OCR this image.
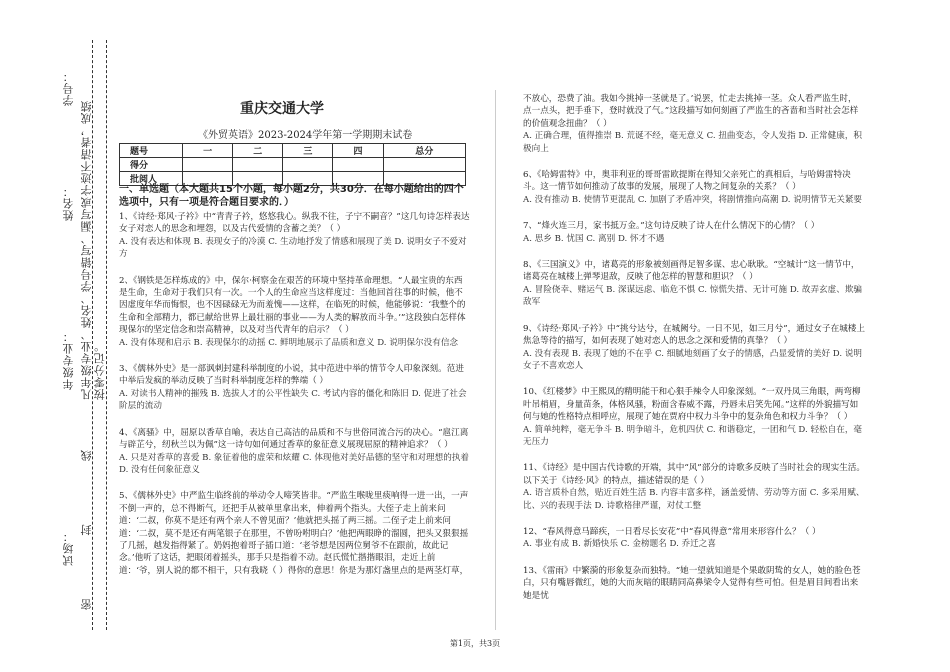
学号：
姓名：
年级专业：
试场：
凡年级专业、姓名、学号错写、漏写或字迹不清者，成绩按零分记。
密 封 线
重庆交通大学
《外贸英语》2023-2024学年第一学期期末试卷
题号	一	二	三	四	总分
得分					
批阅人					
一、单选题（本大题共15个小题，每小题2分，共30分．在每小题给出的四个选项中，只有一项是符合题目要求的．）

1、《诗经·郑风·子衿》中“青青子衿，悠悠我心。纵我不往，子宁不嗣音？”这几句诗怎样表达女子对恋人的思念和埋怨，以及古代爱情的含蓄之美？（ ）
A. 没有表达和体现 B. 表现女子的冷漠 C. 生动地抒发了情感和展现了美 D. 说明女子不爱对方

2、《钢铁是怎样炼成的》中，保尔·柯察金在艰苦的环境中坚持革命理想。“人最宝贵的东西是生命，生命对于我们只有一次。一个人的生命应当这样度过：当他回首往事的时候，他不因虚度年华而悔恨，也不因碌碌无为而羞愧——这样，在临死的时候，他能够说：‘我整个的生命和全部精力，都已献给世界上最壮丽的事业——为人类的解放而斗争。’”这段独白怎样体现保尔的坚定信念和崇高精神，以及对当代青年的启示？（ ）
A. 没有体现和启示 B. 表现保尔的动摇 C. 鲜明地展示了品质和意义 D. 说明保尔没有信念

3、《儒林外史》是一部讽刺封建科举制度的小说，其中范进中举的情节令人印象深刻。范进中举后发疯的举动反映了当时科举制度怎样的弊端（ ）
A. 对读书人精神的摧残 B. 选拔人才的公平性缺失 C. 考试内容的僵化和陈旧 D. 促进了社会阶层的流动

4、《离骚》中，屈原以香草自喻，表达自己高洁的品质和不与世俗同流合污的决心。“扈江离与辟芷兮，纫秋兰以为佩”这一诗句如何通过香草的象征意义展现屈原的精神追求？（ ）
A. 只是对香草的喜爱 B. 象征着他的虚荣和炫耀 C. 体现他对美好品德的坚守和对理想的执着 D. 没有任何象征意义

5、《儒林外史》中严监生临终前的举动令人啼笑皆非。“严监生喉咙里痰响得一进一出，一声不倒一声的，总不得断气，还把手从被单里拿出来，伸着两个指头。大侄子走上前来问道：‘二叔，你莫不是还有两个亲人不曾见面？’他就把头摇了两三摇。二侄子走上前来问道：‘二叔，莫不是还有两笔银子在那里，不曾吩咐明白？’他把两眼睁的溜圆，把头又狠狠摇了几摇，越发指得紧了。奶妈抱着哥子插口道：‘老爷想是因两位舅爷不在跟前，故此记念。’他听了这话，把眼闭着摇头，那手只是指着不动。赵氏慌忙揩揩眼泪，走近上前道：‘爷，别人说的都不相干，只有我晓（ ）得你的意思！你是为那灯盏里点的是两茎灯草，

不放心，恐费了油。我如今挑掉一茎就是了。’说罢，忙走去挑掉一茎。众人看严监生时，点一点头，把手垂下，登时就没了气。”这段描写如何刻画了严监生的吝啬和当时社会怎样的价值观念扭曲？（ ）
A. 正确合理，值得推崇 B. 荒诞不经，毫无意义 C. 扭曲变态，令人发指 D. 正常健康，积极向上

6、《哈姆雷特》中，奥菲利亚的哥哥雷欧提斯在得知父亲死亡的真相后，与哈姆雷特决斗。这一情节如何推动了故事的发展，展现了人物之间复杂的关系？（ ）
A. 没有推动 B. 使情节更混乱 C. 加剧了矛盾冲突，将剧情推向高潮 D. 说明情节无关紧要

7、“烽火连三月，家书抵万金。”这句诗反映了诗人在什么情况下的心情？（ ）
A. 思乡 B. 忧国 C. 离别 D. 怀才不遇

8、《三国演义》中，诸葛亮的形象被刻画得足智多谋、忠心耿耿。“空城计”这一情节中，诸葛亮在城楼上弹琴退敌，反映了他怎样的智慧和胆识？（ ）
A. 冒险侥幸、赌运气 B. 深谋远虑、临危不惧 C. 惊慌失措、无计可施 D. 故弄玄虚、欺骗敌军

9、《诗经·郑风·子衿》中“挑兮达兮，在城阙兮。一日不见，如三月兮”，通过女子在城楼上焦急等待的描写，如何表现了她对恋人的思念之深和爱情的真挚？（ ）
A. 没有表现 B. 表现了她的不在乎 C. 细腻地刻画了女子的情感，凸显爱情的美好 D. 说明女子不喜欢恋人

10、《红楼梦》中王熙凤的精明能干和心狠手辣令人印象深刻。“一双丹凤三角眼，两弯柳叶吊梢眉，身量苗条，体格风骚，粉面含春威不露，丹唇未启笑先闻。”这样的外貌描写如何与她的性格特点相呼应，展现了她在贾府中权力斗争中的复杂角色和权力斗争？（ ）
A. 简单纯粹，毫无争斗 B. 明争暗斗，危机四伏 C. 和谐稳定，一团和气 D. 轻松自在，毫无压力

11、《诗经》是中国古代诗歌的开端，其中“风”部分的诗歌多反映了当时社会的现实生活。以下关于《诗经·风》的特点，描述错误的是（ ）
A. 语言质朴自然，贴近百姓生活 B. 内容丰富多样，涵盖爱情、劳动等方面 C. 多采用赋、比、兴的表现手法 D. 诗歌格律严谨，对仗工整

12、“春风得意马蹄疾，一日看尽长安花”中“春风得意”常用来形容什么？（ ）
A. 事业有成 B. 新婚快乐 C. 金榜题名 D. 乔迁之喜

13、《雷雨》中繁漪的形象复杂而独特。“她一望就知道是个果敢阴鸷的女人，她的脸色苍白，只有嘴唇微红，她的大而灰暗的眼睛同高鼻梁令人觉得有些可怕。但是眉目间看出来她是忧

第1页，共3页
